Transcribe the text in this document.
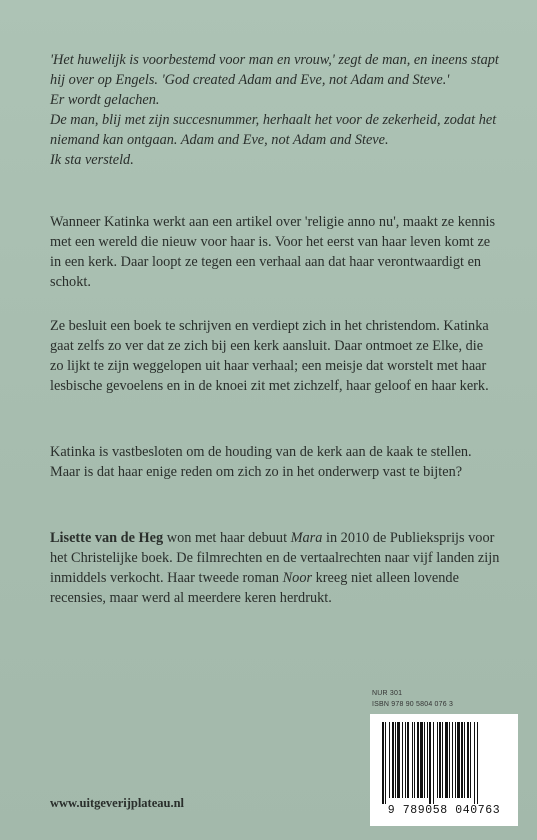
'Het huwelijk is voorbestemd voor man en vrouw,' zegt de man, en ineens stapt hij over op Engels. 'God created Adam and Eve, not Adam and Steve.'

Er wordt gelachen.

De man, blij met zijn succesnummer, herhaalt het voor de zekerheid, zodat het niemand kan ontgaan. Adam and Eve, not Adam and Steve.

Ik sta versteld.

Wanneer Katinka werkt aan een artikel over 'religie anno nu', maakt ze kennis met een wereld die nieuw voor haar is. Voor het eerst van haar leven komt ze in een kerk. Daar loopt ze tegen een verhaal aan dat haar verontwaardigt en schokt.

Ze besluit een boek te schrijven en verdiept zich in het christendom. Katinka gaat zelfs zo ver dat ze zich bij een kerk aansluit. Daar ontmoet ze Elke, die zo lijkt te zijn weggelopen uit haar verhaal; een meisje dat worstelt met haar lesbische gevoelens en in de knoei zit met zichzelf, haar geloof en haar kerk.

Katinka is vastbesloten om de houding van de kerk aan de kaak te stellen. Maar is dat haar enige reden om zich zo in het onderwerp vast te bijten?

Lisette van de Heg won met haar debuut Mara in 2010 de Publieksprijs voor het Christelijke boek. De filmrechten en de vertaalrechten naar vijf landen zijn inmiddels verkocht. Haar tweede roman Noor kreeg niet alleen lovende recensies, maar werd al meerdere keren herdrukt.

NUR 301
ISBN 978 90 5804 076 3
9 789058 040763
www.uitgeverijplateau.nl
